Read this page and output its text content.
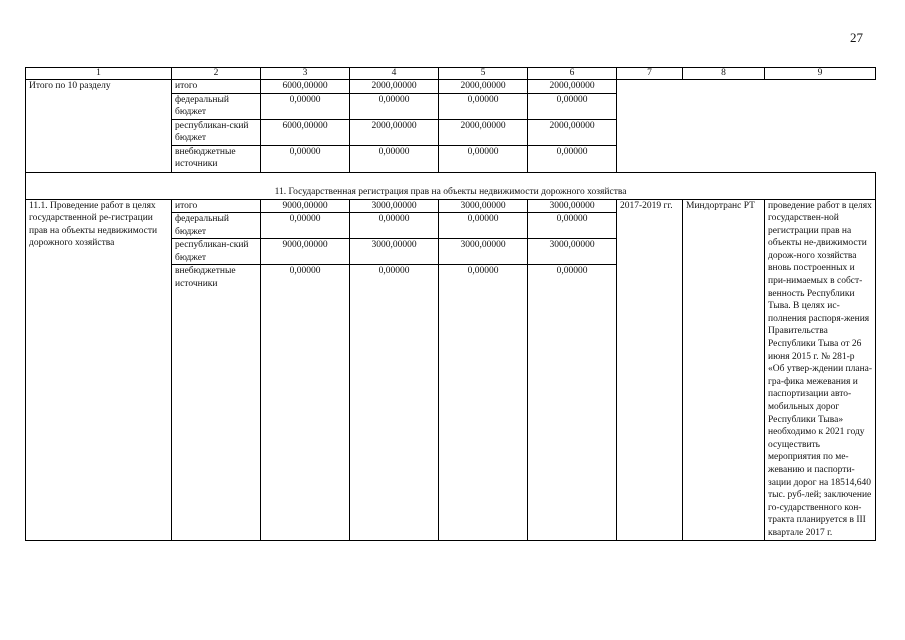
27
1	2	3	4	5	6	7	8	9
Итого по 10 разделу	итого	6000,00000	2000,00000	2000,00000	2000,00000			
	федеральный бюджет	0,00000	0,00000	0,00000	0,00000			
	республикан-ский бюджет	6000,00000	2000,00000	2000,00000	2000,00000			
	внебюджетные источники	0,00000	0,00000	0,00000	0,00000			

11. Государственная регистрация прав на объекты недвижимости дорожного хозяйства								
11.1. Проведение работ в целях государственной ре-гистрации прав на объекты недвижимости дорожного хозяйства	итого	9000,00000	3000,00000	3000,00000	3000,00000	2017-2019 гг.	Миндортранс РТ	проведение работ в целях государствен-ной регистрации прав на объекты не-движимости дорож-ного хозяйства вновь построенных и при-нимаемых в собст-венность Республики Тыва. В целях ис-полнения распоря-жения Правительства Республики Тыва от 26 июня 2015 г. № 281-р «Об утвер-ждении плана-гра-фика межевания и паспортизации авто-мобильных дорог Республики Тыва» необходимо к 2021 году осуществить мероприятия по ме-жеванию и паспорти-зации дорог на 18514,640 тыс. руб-лей; заключение го-сударственного кон-тракта планируется в III квартале 2017 г.
	федеральный бюджет	0,00000	0,00000	0,00000	0,00000			
	республикан-ский бюджет	9000,00000	3000,00000	3000,00000	3000,00000			
	внебюджетные источники	0,00000	0,00000	0,00000	0,00000			
